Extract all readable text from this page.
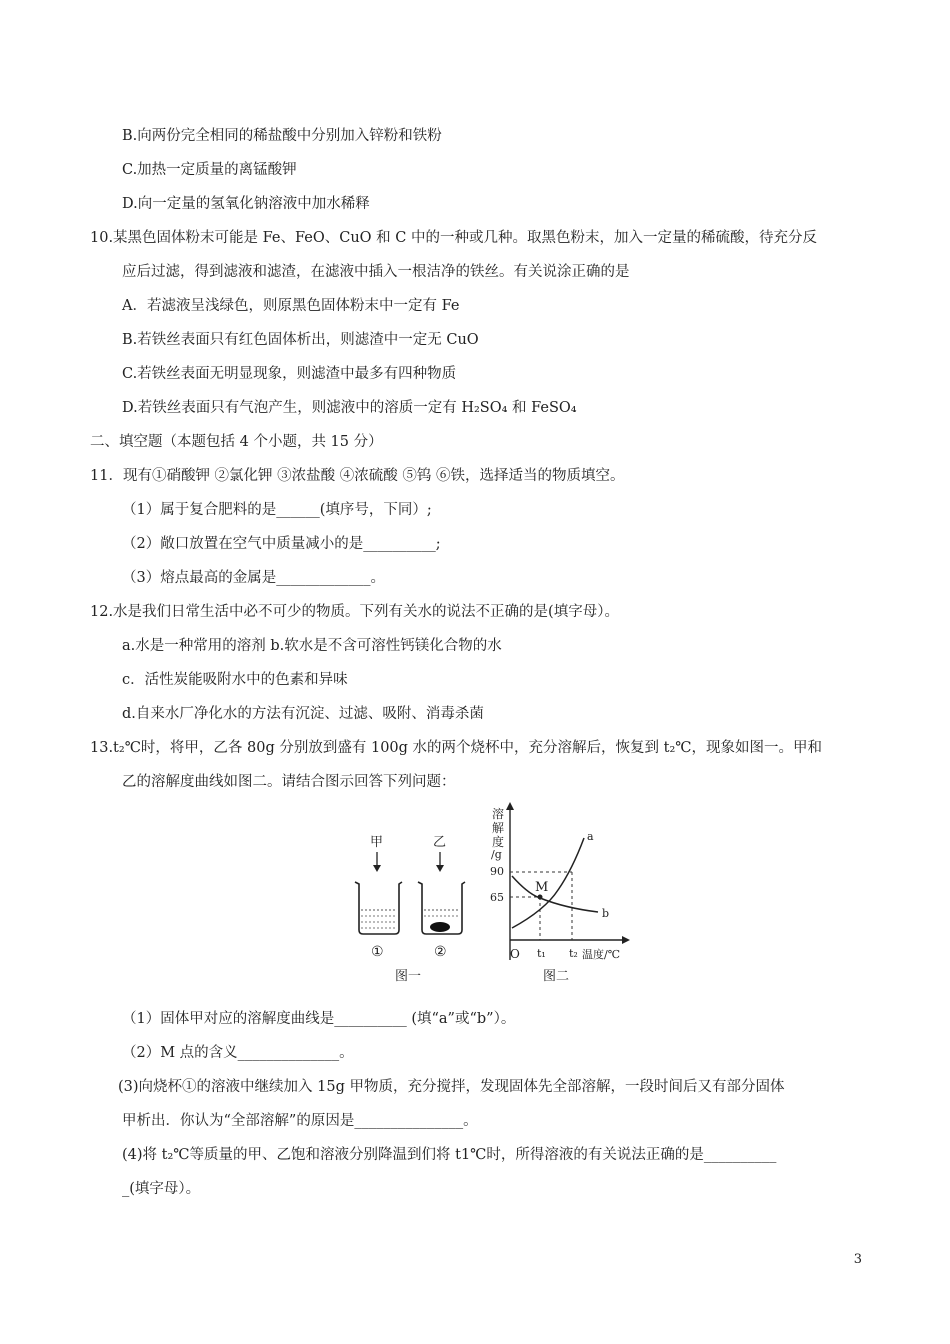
B.向两份完全相同的稀盐酸中分别加入锌粉和铁粉
C.加热一定质量的离锰酸钾
D.向一定量的氢氧化钠溶液中加水稀释
10.某黑色固体粉末可能是 Fe、FeO、CuO 和 C 中的一种或几种。取黑色粉末，加入一定量的稀硫酸，待充分反
应后过滤，得到滤液和滤渣，在滤液中插入一根洁净的铁丝。有关说涂正确的是
A．若滤液呈浅绿色，则原黑色固体粉末中一定有 Fe
B.若铁丝表面只有红色固体析出，则滤渣中一定无 CuO
C.若铁丝表面无明显现象，则滤渣中最多有四种物质
D.若铁丝表面只有气泡产生，则滤液中的溶质一定有 H₂SO₄ 和 FeSO₄
二、填空题（本题包括 4 个小题，共 15 分）
11．现有①硝酸钾 ②氯化钾 ③浓盐酸 ④浓硫酸 ⑤钨 ⑥铁，选择适当的物质填空。
（1）属于复合肥料的是______(填序号，下同）;
（2）敞口放置在空气中质量减小的是__________;
（3）熔点最高的金属是_____________。
12.水是我们日常生活中必不可少的物质。下列有关水的说法不正确的是(填字母）。
a.水是一种常用的溶剂 b.软水是不含可溶性钙镁化合物的水
c．活性炭能吸附水中的色素和异味
d.自来水厂净化水的方法有沉淀、过滤、吸附、消毒杀菌
13.t₂℃时，将甲，乙各 80g 分别放到盛有 100g 水的两个烧杯中，充分溶解后，恢复到 t₂℃，现象如图一。甲和
乙的溶解度曲线如图二。请结合图示回答下列问题：
甲	乙
①	②
图一
溶
解
度
/g
90
65
O t₁ t₂ 温度/℃
图二
M
a
b
（1）固体甲对应的溶解度曲线是__________ (填“a”或“b”）。
（2）M 点的含义______________。
(3)向烧杯①的溶液中继续加入 15g 甲物质，充分搅拌，发现固体先全部溶解，一段时间后又有部分固体
甲析出．你认为“全部溶解”的原因是_______________。
(4)将 t₂℃等质量的甲、乙饱和溶液分别降温到们将 t1℃时，所得溶液的有关说法正确的是__________
_(填字母）。
3
